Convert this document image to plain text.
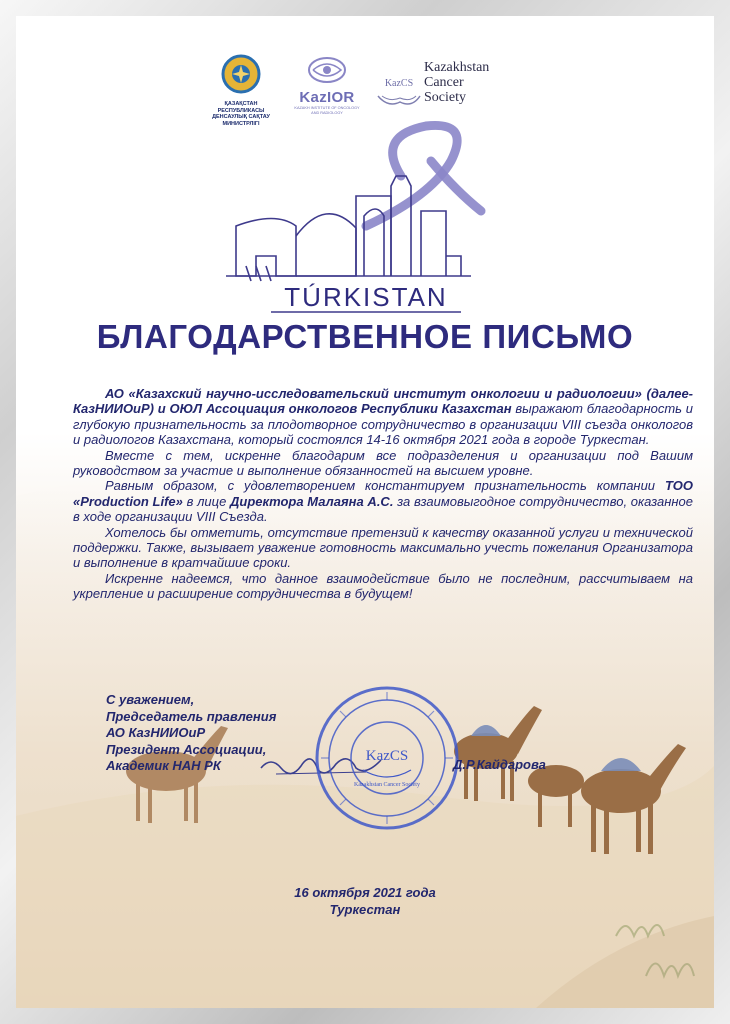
ҚАЗАҚСТАН РЕСПУБЛИКАСЫ
ДЕНСАУЛЫҚ САҚТАУ
МИНИСТРЛІГІ
KazIOR
KAZAKH INSTITUTE OF ONCOLOGY
AND RADIOLOGY
KazCS
Kazakhstan
Cancer
Society
TÚRKISTAN
БЛАГОДАРСТВЕННОЕ ПИСЬМО

АО «Казахский научно-исследовательский институт онкологии и радиологии» (далее-КазНИИОиР) и ОЮЛ Ассоциация онкологов Республики Казахстан выражают благодарность и глубокую признательность за плодотворное сотрудничество в организации VIII съезда онкологов и радиологов Казахстана, который состоялся 14-16 октября 2021 года в городе Туркестан.

Вместе с тем, искренне благодарим все подразделения и организации под Вашим руководством за участие и выполнение обязанностей на высшем уровне.

Равным образом, с удовлетворением константируем признательность компании ТОО «Production Life» в лице Директора Малаяна А.С. за взаимовыгодное сотрудничество, оказанное в ходе организации VIII Съезда.

Хотелось бы отметить, отсутствие претензий к качеству оказанной услуги и технической поддержки. Также, вызывает уважение готовность максимально учесть пожелания Организатора и выполнение в кратчайшие сроки.

Искренне надеемся, что данное взаимодействие было не последним, рассчитываем на укрепление и расширение сотрудничества в будущем!

С уважением,
Председатель правления
АО КазНИИОиР
Президент Ассоциации,
Академик НАН РК
KazCS
Kazakhstan Cancer Society
Д.Р.Кайдарова
16 октября 2021 года
Туркестан
